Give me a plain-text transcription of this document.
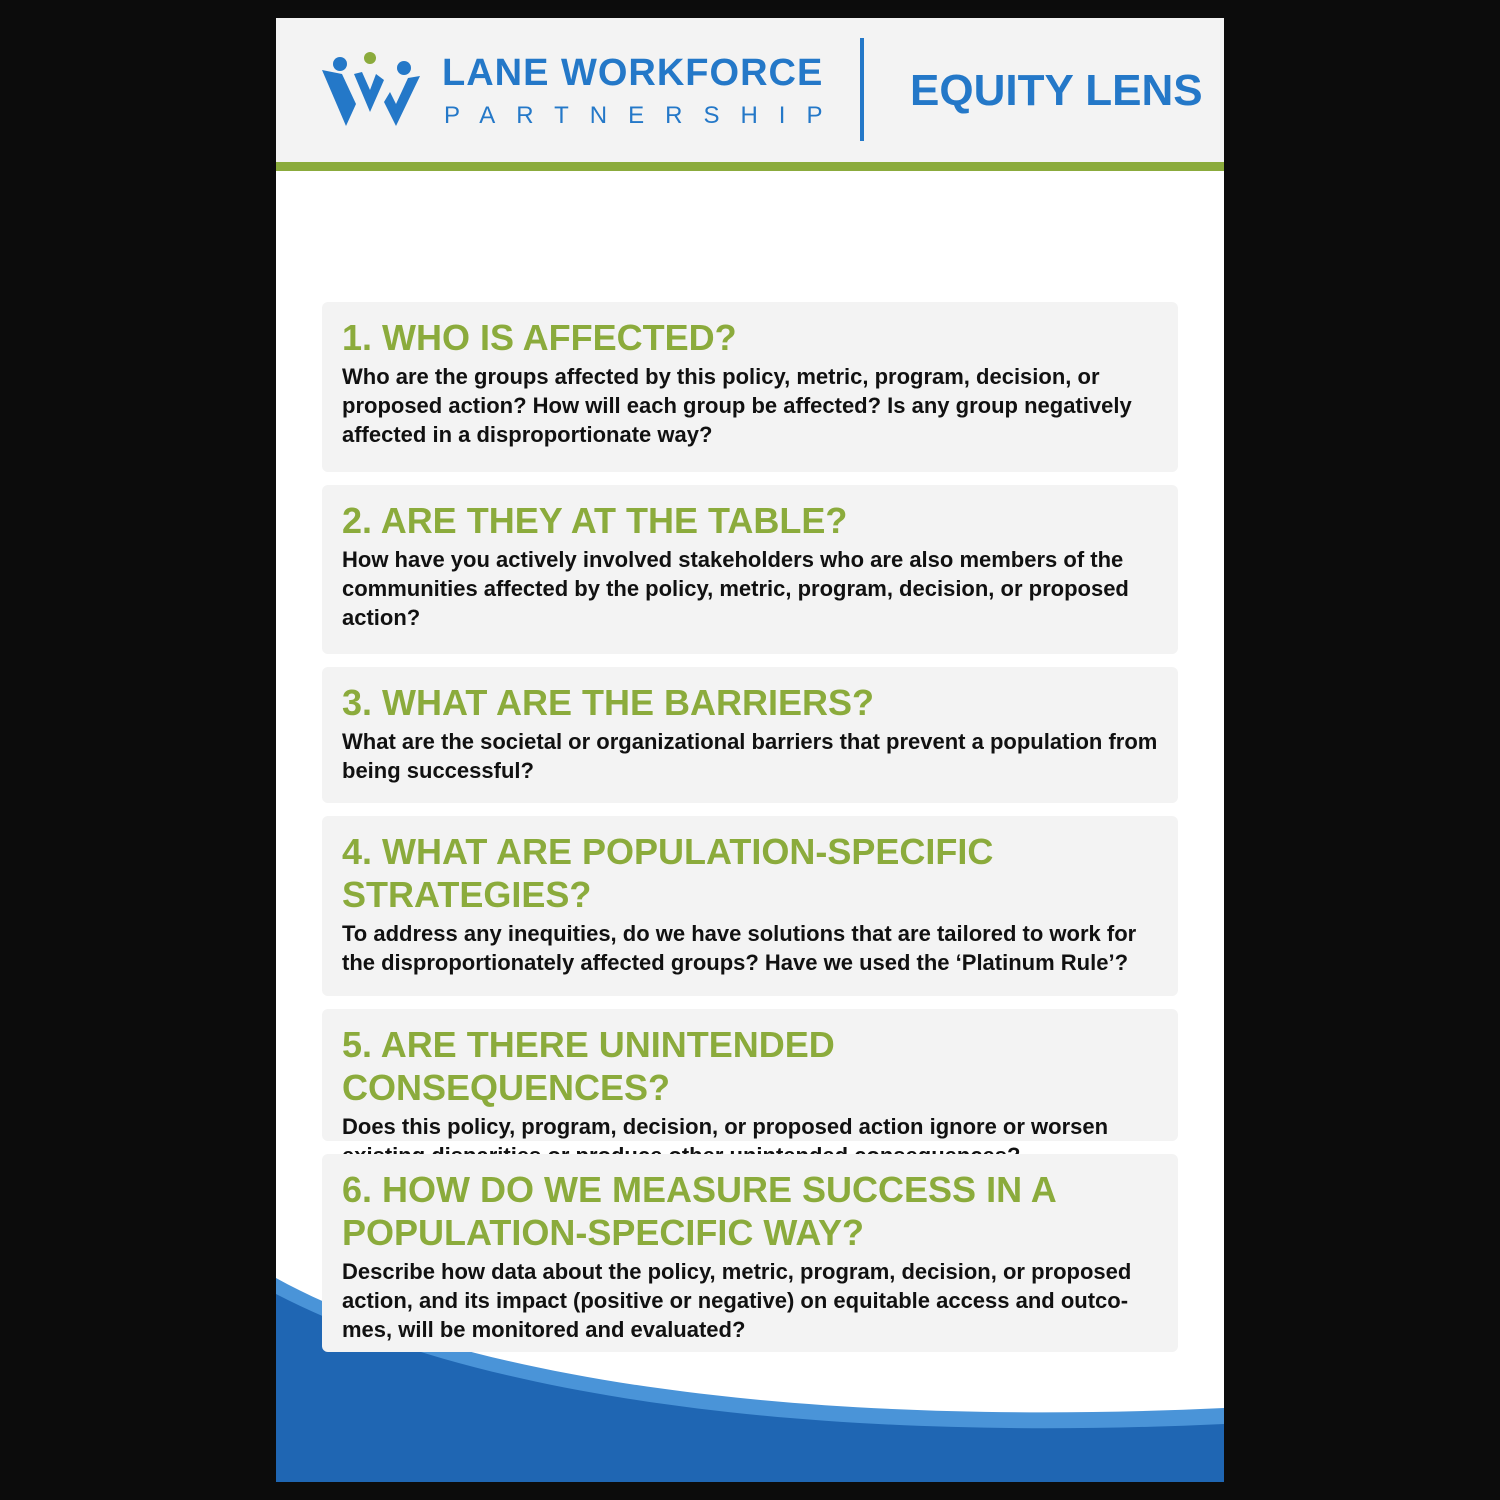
LANE WORKFORCE
PARTNERSHIP
EQUITY LENS
1. WHO IS AFFECTED?

Who are the groups affected by this policy, metric, program, decision, or proposed action? How will each group be affected? Is any group negatively affected in a disproportionate way?

2. ARE THEY AT THE TABLE?

How have you actively involved stakeholders who are also members of the communities affected by the policy, metric, program, decision, or proposed action?

3. WHAT ARE THE BARRIERS?

What are the societal or organizational barriers that prevent a population from being successful?

4. WHAT ARE POPULATION-SPECIFIC STRATEGIES?

To address any inequities, do we have solutions that are tailored to work for the disproportionately affected groups? Have we used the ‘Platinum Rule’?

5. ARE THERE UNINTENDED CONSEQUENCES?

Does this policy, program, decision, or proposed action ignore or worsen

6. HOW DO WE MEASURE SUCCESS IN A POPULATION-SPECIFIC WAY?

Describe how data about the policy, metric, program, decision, or proposed action, and its impact (positive or negative) on equitable access and outco-mes, will be monitored and evaluated?
